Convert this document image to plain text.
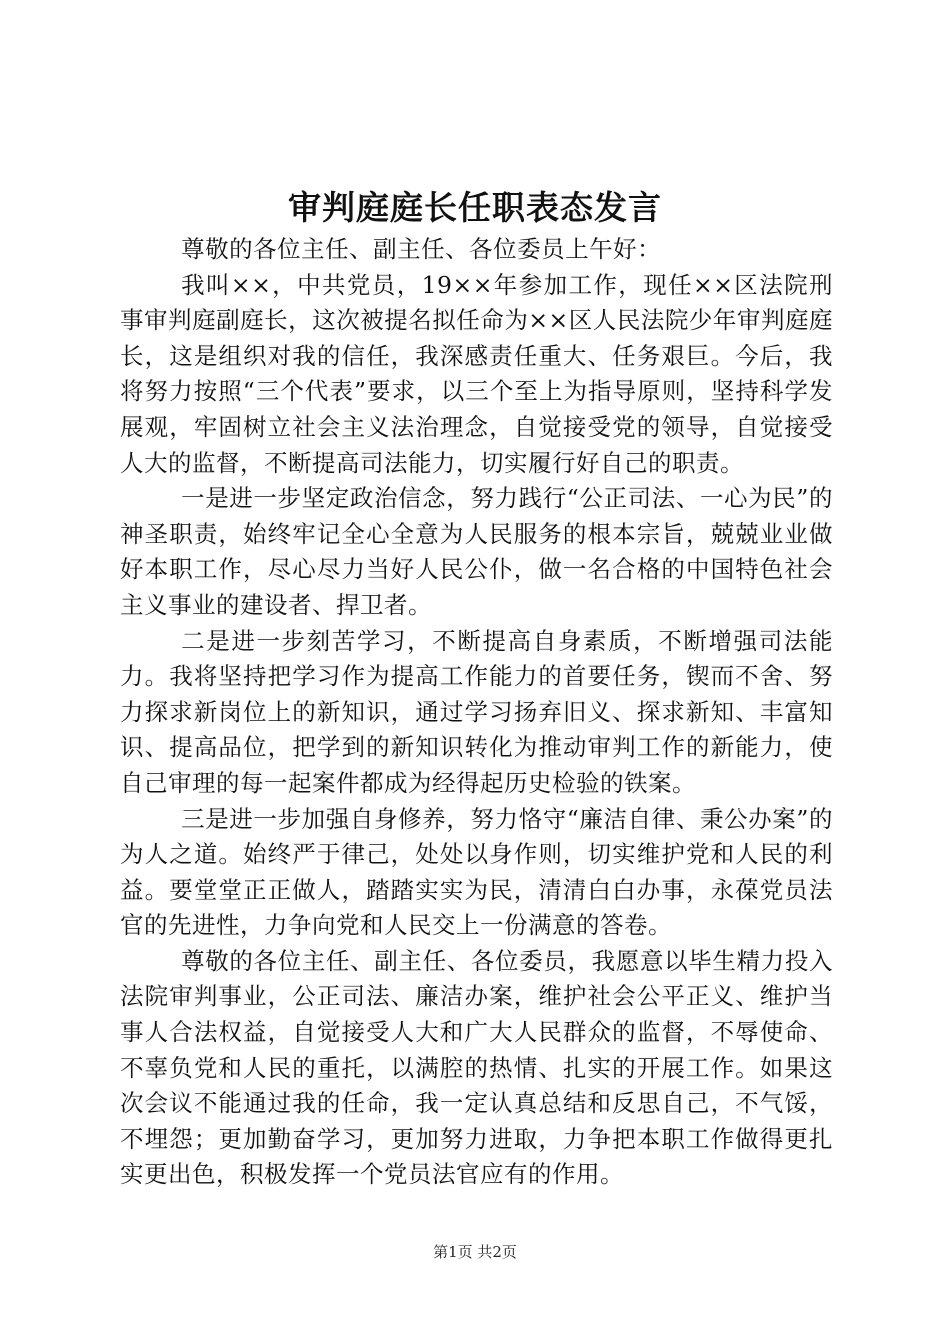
审判庭庭长任职表态发言

尊敬的各位主任、副主任、各位委员上午好：

我叫××，中共党员，19××年参加工作，现任××区法院刑事审判庭副庭长，这次被提名拟任命为××区人民法院少年审判庭庭长，这是组织对我的信任，我深感责任重大、任务艰巨。今后，我将努力按照“三个代表”要求，以三个至上为指导原则，坚持科学发展观，牢固树立社会主义法治理念，自觉接受党的领导，自觉接受人大的监督，不断提高司法能力，切实履行好自己的职责。

一是进一步坚定政治信念，努力践行“公正司法、一心为民”的神圣职责，始终牢记全心全意为人民服务的根本宗旨，兢兢业业做好本职工作，尽心尽力当好人民公仆，做一名合格的中国特色社会主义事业的建设者、捍卫者。

二是进一步刻苦学习，不断提高自身素质，不断增强司法能力。我将坚持把学习作为提高工作能力的首要任务，锲而不舍、努力探求新岗位上的新知识，通过学习扬弃旧义、探求新知、丰富知识、提高品位，把学到的新知识转化为推动审判工作的新能力，使自己审理的每一起案件都成为经得起历史检验的铁案。

三是进一步加强自身修养，努力恪守“廉洁自律、秉公办案”的为人之道。始终严于律己，处处以身作则，切实维护党和人民的利益。要堂堂正正做人，踏踏实实为民，清清白白办事，永葆党员法官的先进性，力争向党和人民交上一份满意的答卷。

尊敬的各位主任、副主任、各位委员，我愿意以毕生精力投入法院审判事业，公正司法、廉洁办案，维护社会公平正义、维护当事人合法权益，自觉接受人大和广大人民群众的监督，不辱使命、不辜负党和人民的重托，以满腔的热情、扎实的开展工作。如果这次会议不能通过我的任命，我一定认真总结和反思自己，不气馁，不埋怨；更加勤奋学习，更加努力进取，力争把本职工作做得更扎实更出色，积极发挥一个党员法官应有的作用。

第1页 共2页
